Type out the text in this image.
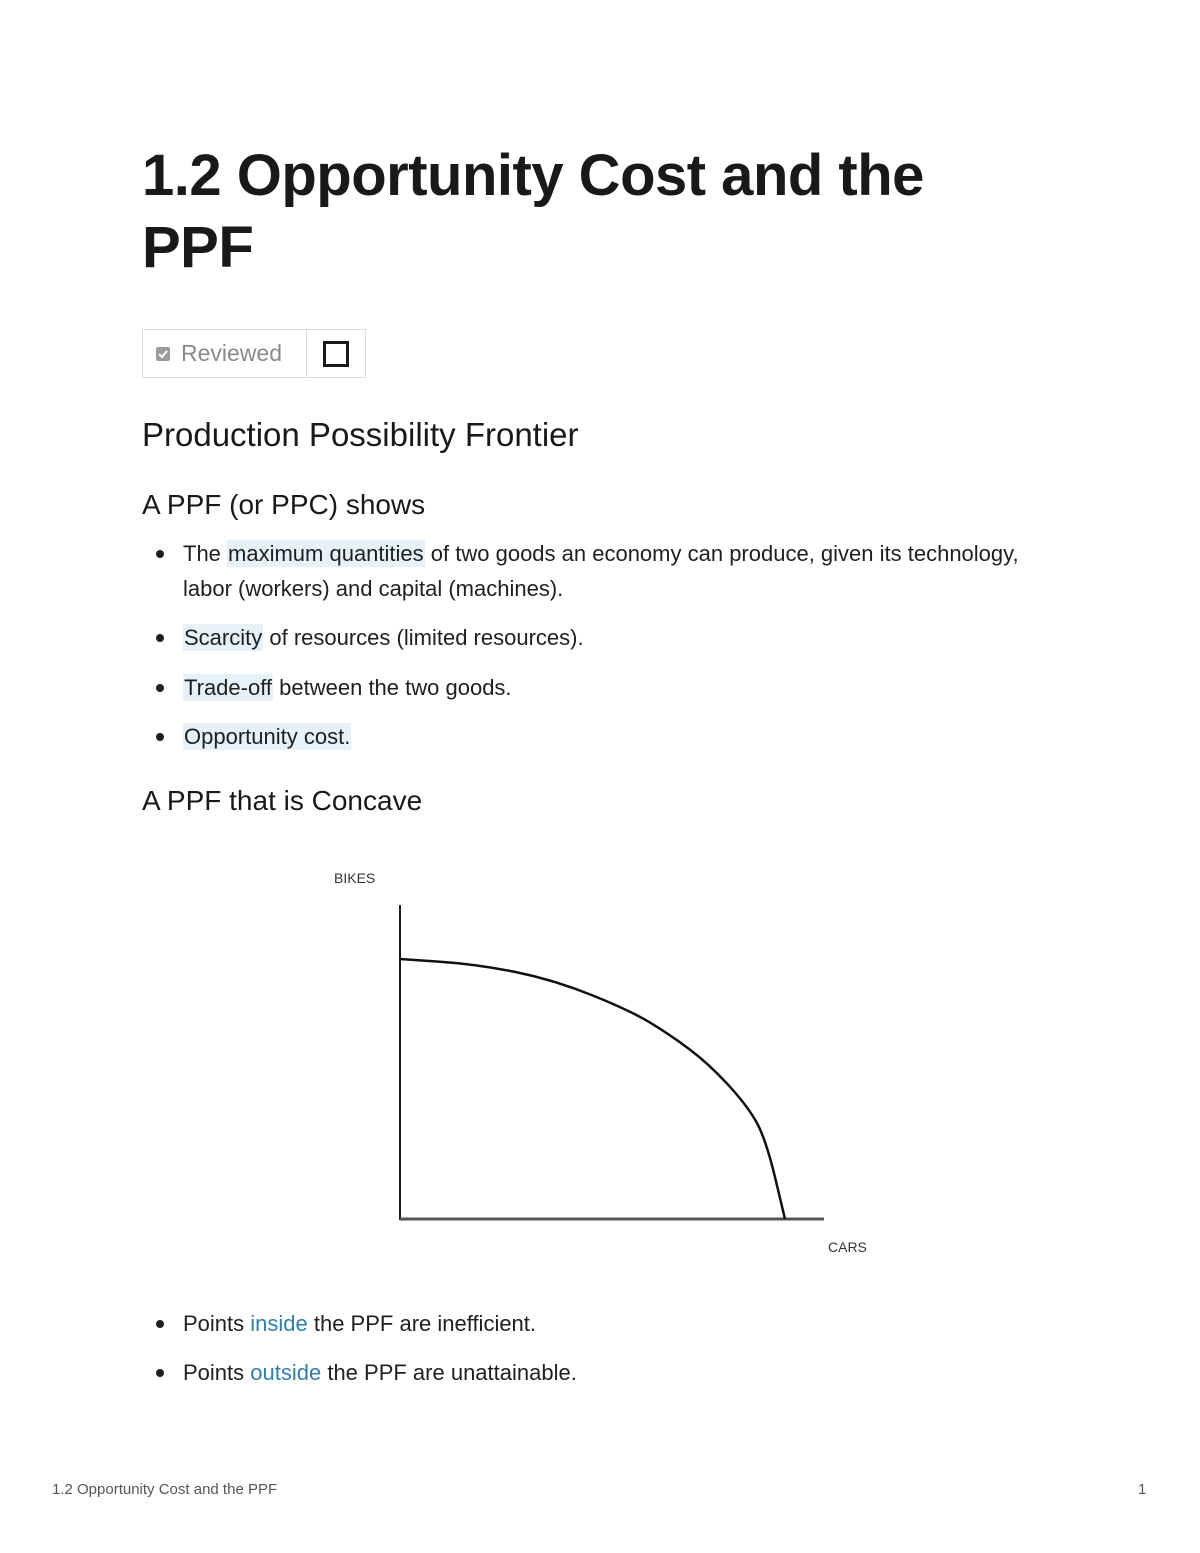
1.2 Opportunity Cost and the PPF
Reviewed
Production Possibility Frontier
A PPF (or PPC) shows
The maximum quantities of two goods an economy can produce, given its technology, labor (workers) and capital (machines).
Scarcity of resources (limited resources).
Trade-off between the two goods.
Opportunity cost.
A PPF that is Concave
BIKES
CARS
Points inside the PPF are inefficient.
Points outside the PPF are unattainable.
1.2 Opportunity Cost and the PPF	1
